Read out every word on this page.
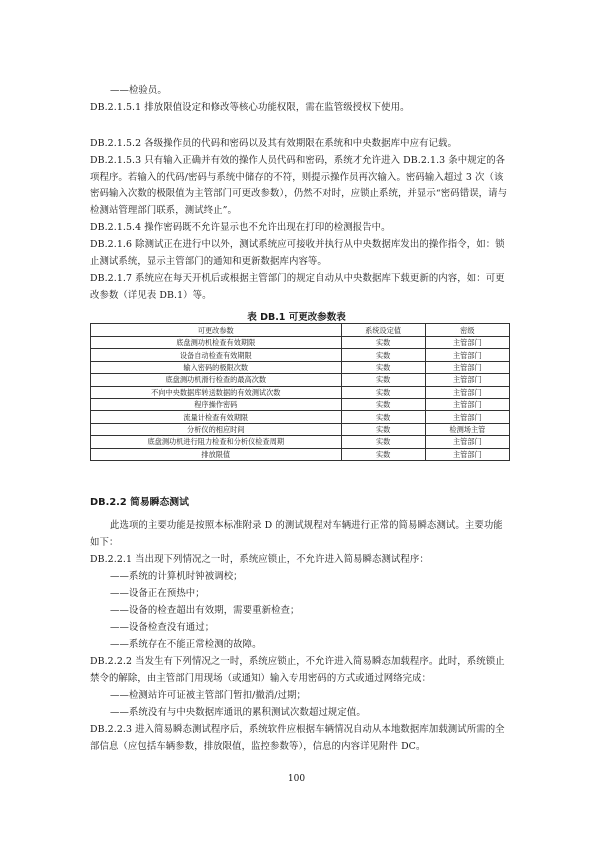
——检验员。
DB.2.1.5.1 排放限值设定和修改等核心功能权限，需在监管级授权下使用。
DB.2.1.5.2 各级操作员的代码和密码以及其有效期限在系统和中央数据库中应有记载。
DB.2.1.5.3 只有输入正确并有效的操作人员代码和密码，系统才允许进入 DB.2.1.3 条中规定的各项程序。若输入的代码/密码与系统中储存的不符，则提示操作员再次输入。密码输入超过 3 次（该密码输入次数的极限值为主管部门可更改参数），仍然不对时，应锁止系统，并显示“密码错误，请与检测站管理部门联系，测试终止”。
DB.2.1.5.4 操作密码既不允许显示也不允许出现在打印的检测报告中。
DB.2.1.6 除测试正在进行中以外，测试系统应可接收并执行从中央数据库发出的操作指令，如：锁止测试系统，显示主管部门的通知和更新数据库内容等。
DB.2.1.7 系统应在每天开机后或根据主管部门的规定自动从中央数据库下载更新的内容，如：可更改参数（详见表 DB.1）等。
表 DB.1 可更改参数表
可更改参数	系统设定值	密级
底盘测功机检查有效期限	实数	主管部门
设备自动检查有效期限	实数	主管部门
输入密码的极限次数	实数	主管部门
底盘测功机滑行检查的最高次数	实数	主管部门
不向中央数据库转送数据的有效测试次数	实数	主管部门
程序操作密码	实数	主管部门
流量计检查有效期限	实数	主管部门
分析仪的相应时间	实数	检测场主管
底盘测功机进行阻力检查和分析仪检查周期	实数	主管部门
排放限值	实数	主管部门
DB.2.2 简易瞬态测试
此选项的主要功能是按照本标准附录 D 的测试规程对车辆进行正常的简易瞬态测试。主要功能如下：
DB.2.2.1 当出现下列情况之一时，系统应锁止，不允许进入简易瞬态测试程序：
——系统的计算机时钟被调校；
——设备正在预热中；
——设备的检查超出有效期，需要重新检查；
——设备检查没有通过；
——系统存在不能正常检测的故障。
DB.2.2.2 当发生有下列情况之一时，系统应锁止，不允许进入简易瞬态加载程序。此时，系统锁止禁令的解除，由主管部门用现场（或通知）输入专用密码的方式或通过网络完成：
——检测站许可证被主管部门暂扣/撤消/过期；
——系统没有与中央数据库通讯的累积测试次数超过规定值。
DB.2.2.3 进入简易瞬态测试程序后，系统软件应根据车辆情况自动从本地数据库加载测试所需的全部信息（应包括车辆参数，排放限值，监控参数等），信息的内容详见附件 DC。
100
